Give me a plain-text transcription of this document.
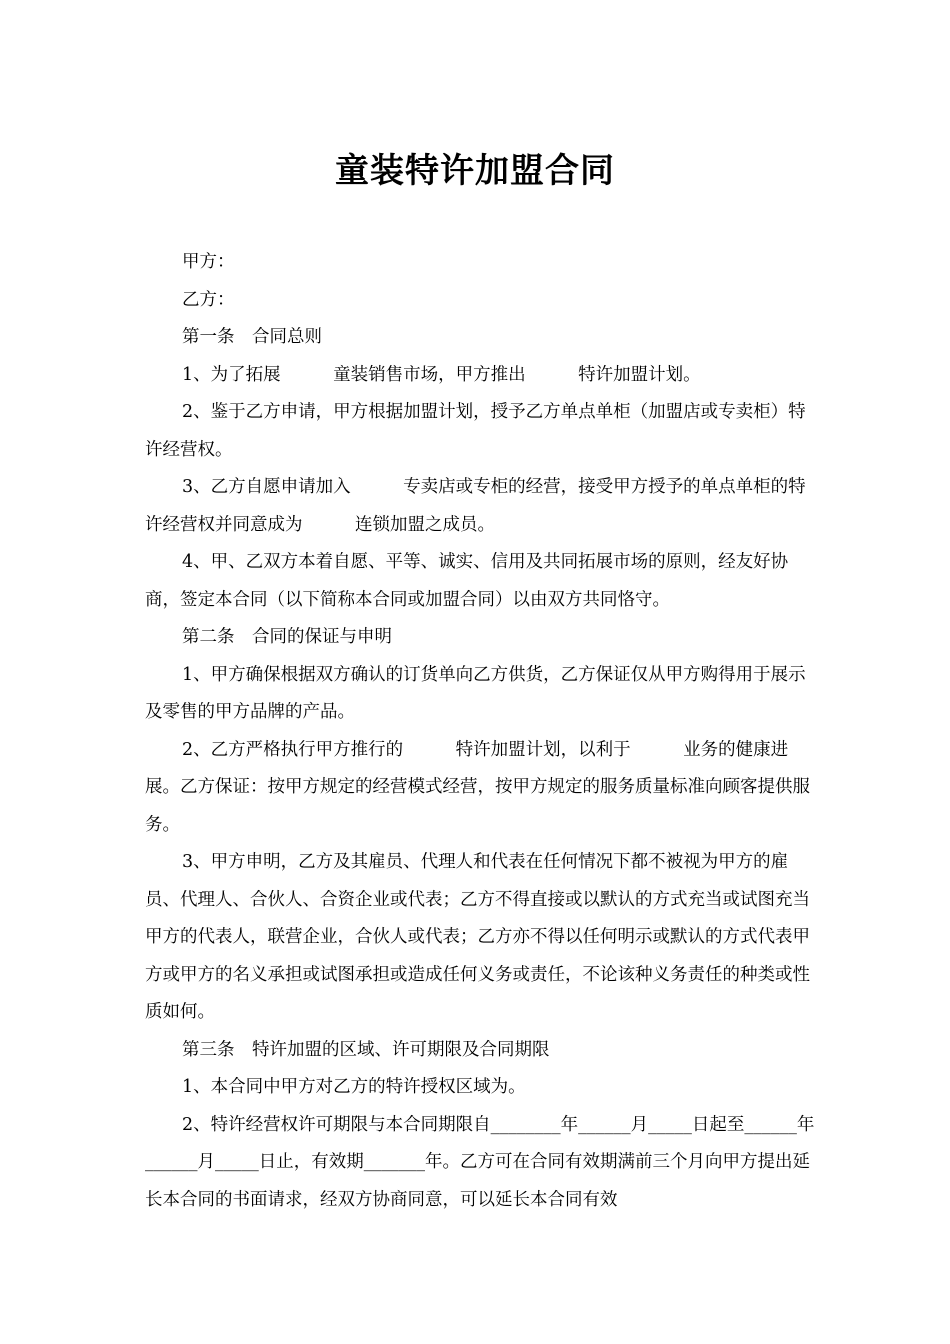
童装特许加盟合同

甲方：

乙方：

第一条　合同总则

1、为了拓展　　　童装销售市场，甲方推出　　　特许加盟计划。

2、鉴于乙方申请，甲方根据加盟计划，授予乙方单点单柜（加盟店或专卖柜）特许经营权。

3、乙方自愿申请加入　　　专卖店或专柜的经营，接受甲方授予的单点单柜的特许经营权并同意成为　　　连锁加盟之成员。

4、甲、乙双方本着自愿、平等、诚实、信用及共同拓展市场的原则，经友好协商，签定本合同（以下简称本合同或加盟合同）以由双方共同恪守。

第二条　合同的保证与申明

1、甲方确保根据双方确认的订货单向乙方供货，乙方保证仅从甲方购得用于展示及零售的甲方品牌的产品。

2、乙方严格执行甲方推行的　　　特许加盟计划，以利于　　　业务的健康进展。乙方保证：按甲方规定的经营模式经营，按甲方规定的服务质量标准向顾客提供服务。

3、甲方申明，乙方及其雇员、代理人和代表在任何情况下都不被视为甲方的雇员、代理人、合伙人、合资企业或代表；乙方不得直接或以默认的方式充当或试图充当甲方的代表人，联营企业，合伙人或代表；乙方亦不得以任何明示或默认的方式代表甲方或甲方的名义承担或试图承担或造成任何义务或责任，不论该种义务责任的种类或性质如何。

第三条　特许加盟的区域、许可期限及合同期限

1、本合同中甲方对乙方的特许授权区域为。

2、特许经营权许可期限与本合同期限自________年______月_____日起至______年______月_____日止，有效期_______年。乙方可在合同有效期满前三个月向甲方提出延长本合同的书面请求，经双方协商同意，可以延长本合同有效
